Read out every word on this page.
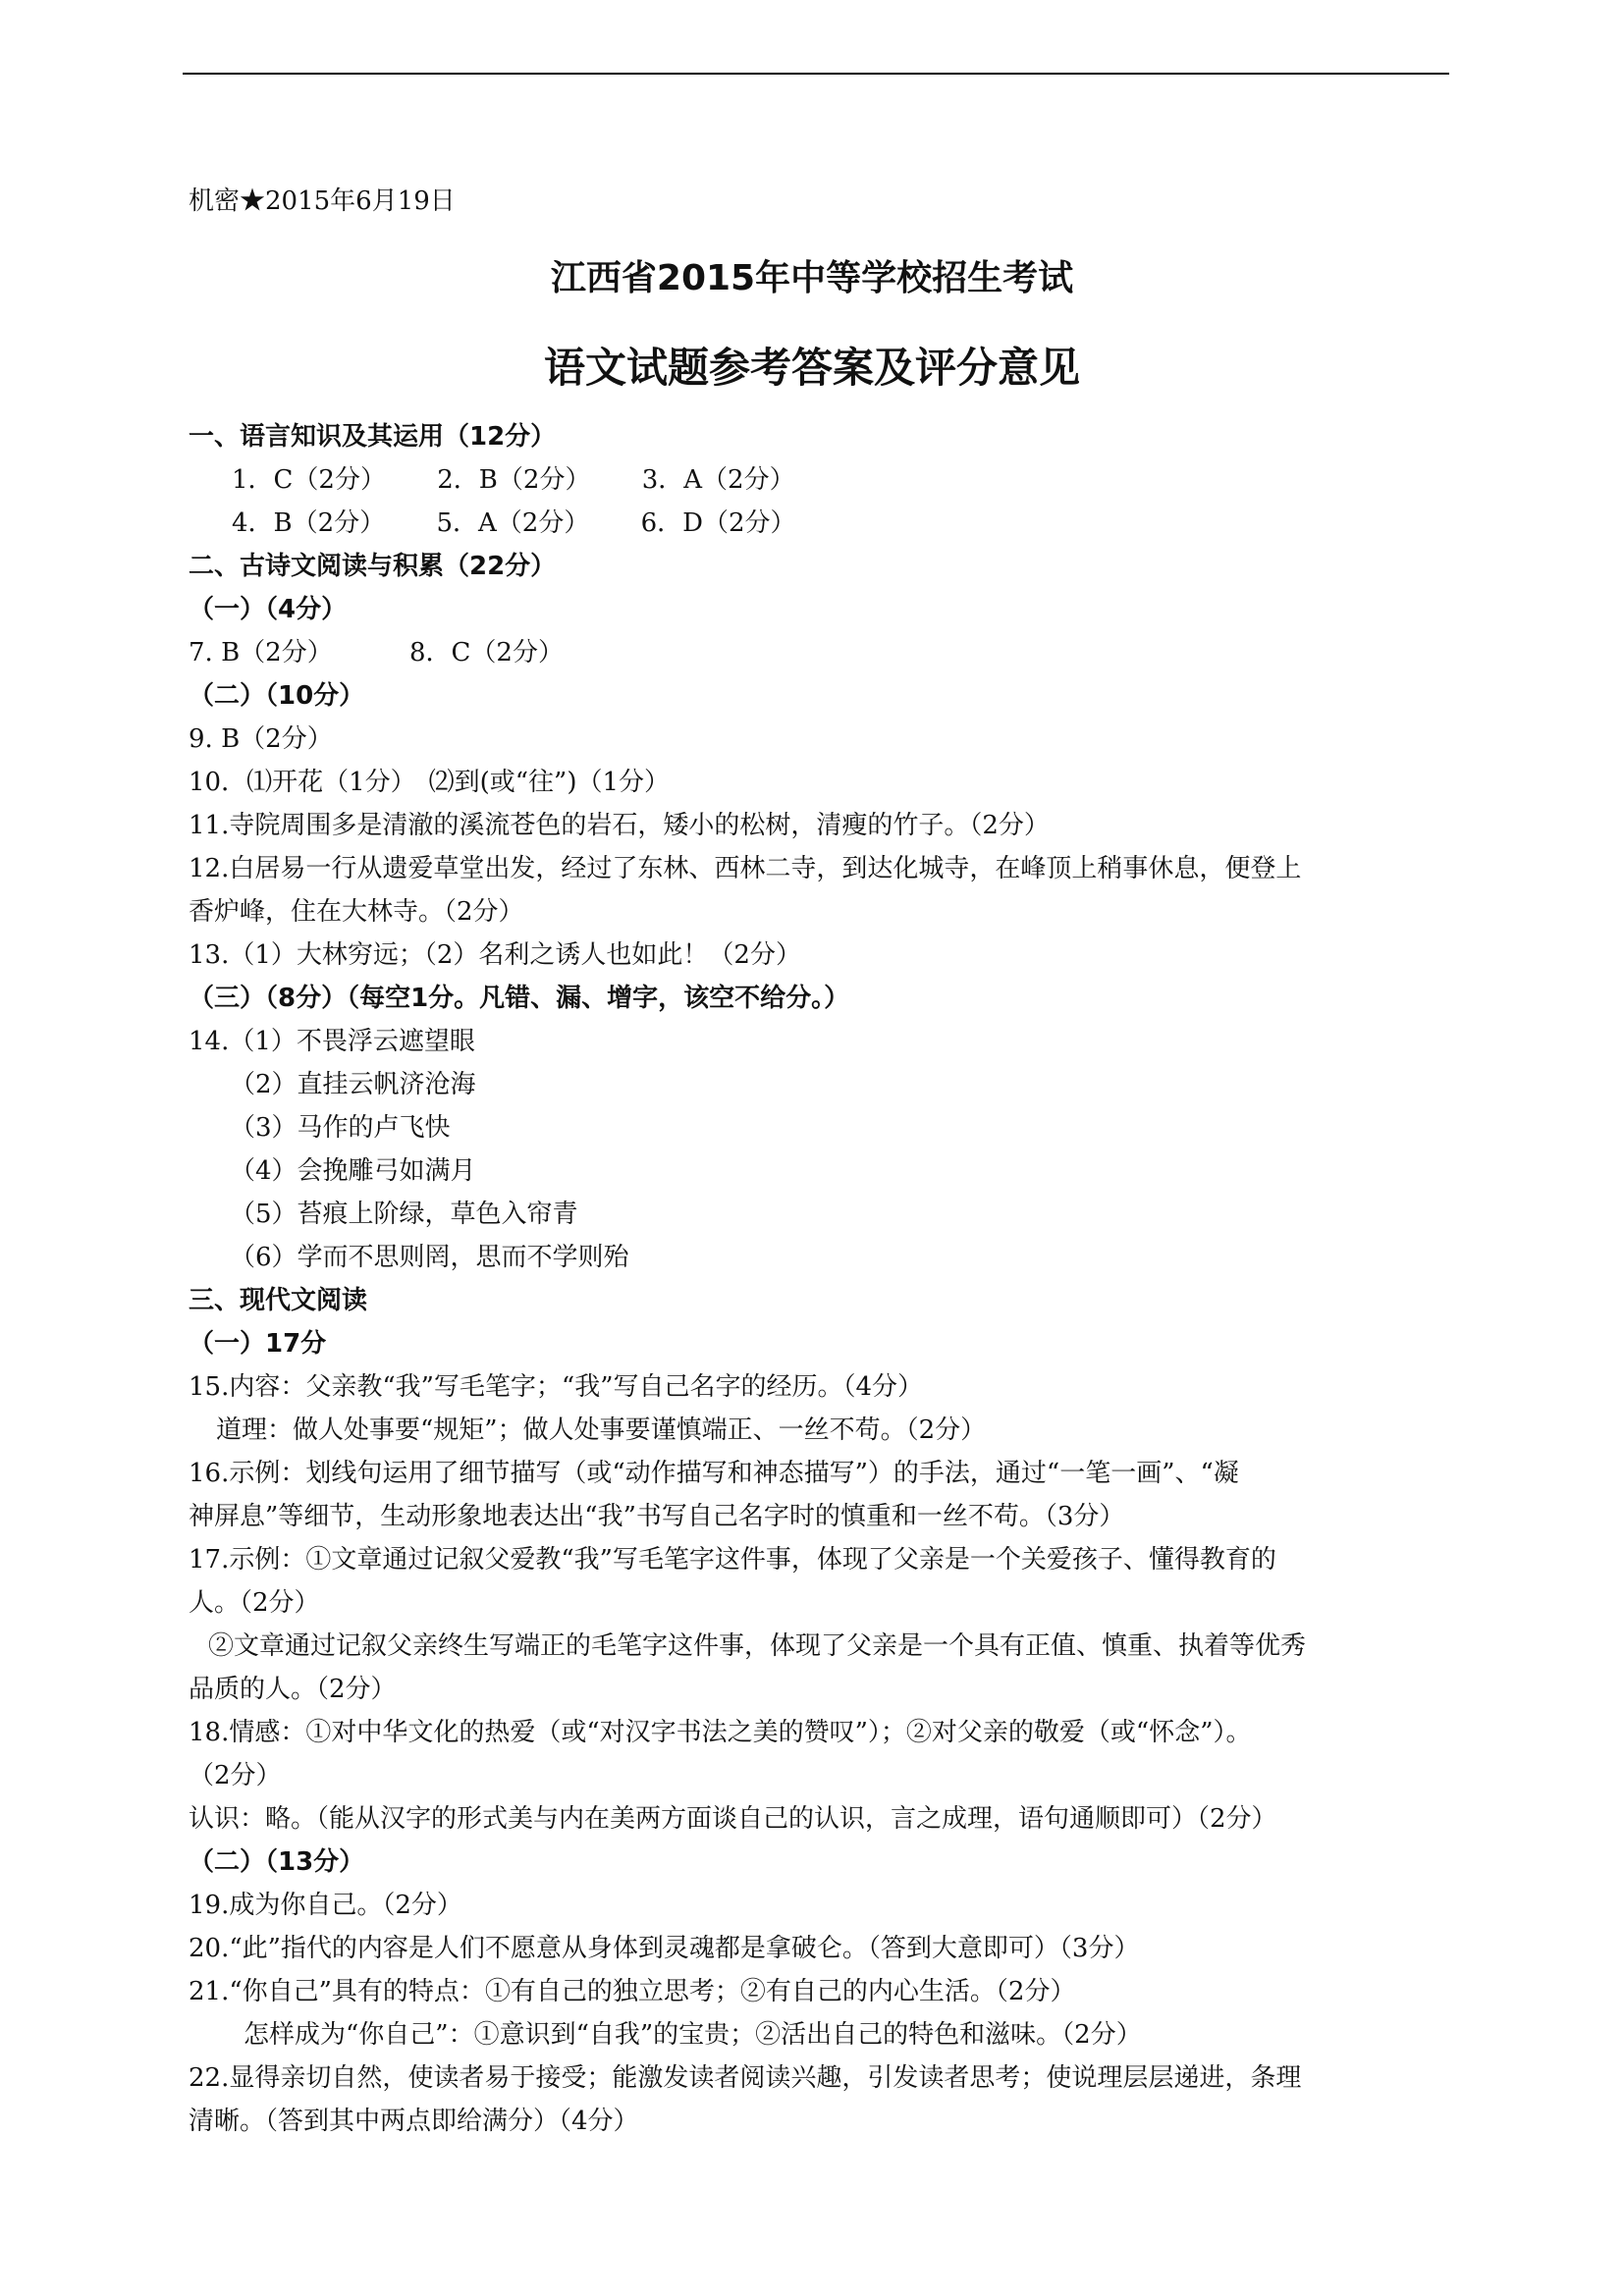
机密★2015年6月19日
江西省2015年中等学校招生考试
语文试题参考答案及评分意见
一、语言知识及其运用（12分）
1．C（2分） 2．B（2分） 3．A（2分）
4．B（2分） 5．A（2分） 6．D（2分）
二、古诗文阅读与积累（22分）
（一）（4分）
7. B（2分）	8．C（2分）
（二）（10分）
9. B（2分）
10．⑴开花（1分）　⑵到(或“往”)（1分）
11.寺院周围多是清澈的溪流苍色的岩石，矮小的松树，清瘦的竹子。（2分）
12.白居易一行从遗爱草堂出发，经过了东林、西林二寺，到达化城寺，在峰顶上稍事休息，便登上
香炉峰，住在大林寺。（2分）
13.（1）大林穷远；（2）名利之诱人也如此！（2分）
（三）（8分）（每空1分。凡错、漏、增字，该空不给分。）
14.（1）不畏浮云遮望眼
（2）直挂云帆济沧海
（3）马作的卢飞快
（4）会挽雕弓如满月
（5）苔痕上阶绿，草色入帘青
（6）学而不思则罔，思而不学则殆
三、现代文阅读
（一）17分
15.内容：父亲教“我”写毛笔字；“我”写自己名字的经历。（4分）
道理：做人处事要“规矩”；做人处事要谨慎端正、一丝不苟。（2分）
16.示例：划线句运用了细节描写（或“动作描写和神态描写”）的手法，通过“一笔一画”、“凝
神屏息”等细节，生动形象地表达出“我”书写自己名字时的慎重和一丝不苟。（3分）
17.示例：①文章通过记叙父爱教“我”写毛笔字这件事，体现了父亲是一个关爱孩子、懂得教育的
人。（2分）
②文章通过记叙父亲终生写端正的毛笔字这件事，体现了父亲是一个具有正值、慎重、执着等优秀
品质的人。（2分）
18.情感：①对中华文化的热爱（或“对汉字书法之美的赞叹”）；②对父亲的敬爱（或“怀念”）。
（2分）
认识：略。（能从汉字的形式美与内在美两方面谈自己的认识，言之成理，语句通顺即可）（2分）
（二）（13分）
19.成为你自己。（2分）
20.“此”指代的内容是人们不愿意从身体到灵魂都是拿破仑。（答到大意即可）（3分）
21.“你自己”具有的特点：①有自己的独立思考；②有自己的内心生活。（2分）
怎样成为“你自己”：①意识到“自我”的宝贵；②活出自己的特色和滋味。（2分）
22.显得亲切自然，使读者易于接受；能激发读者阅读兴趣，引发读者思考；使说理层层递进，条理
清晰。（答到其中两点即给满分）（4分）
